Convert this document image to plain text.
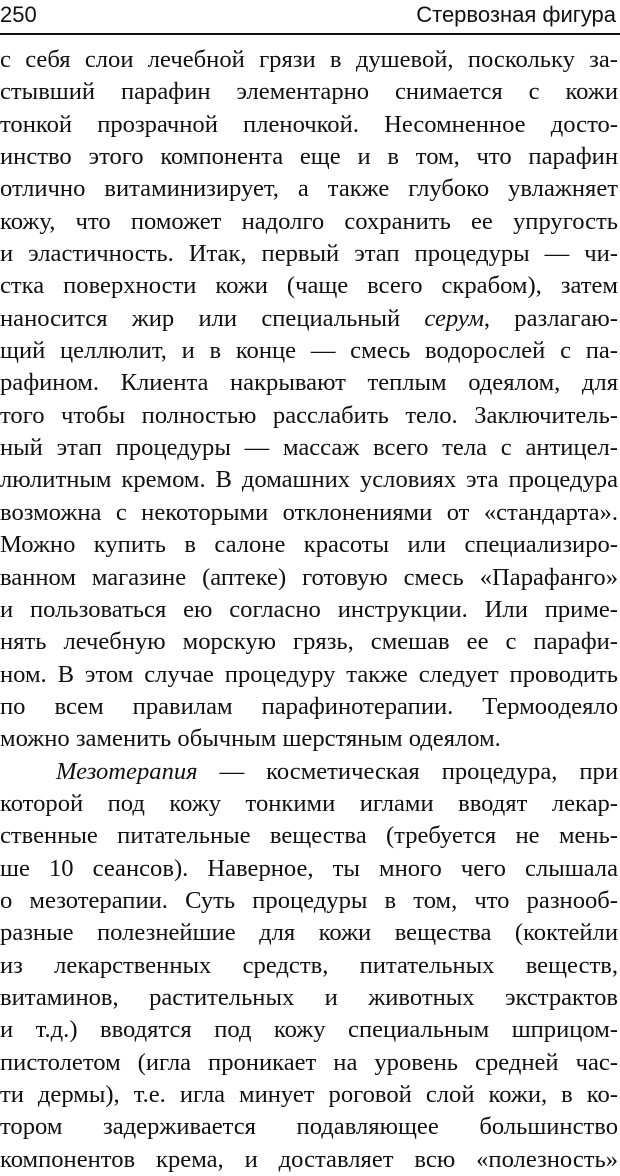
250	Стервозная фигура
с себя слои лечебной грязи в душевой, поскольку за-
стывший парафин элементарно снимается с кожи
тонкой прозрачной пленочкой. Несомненное досто-
инство этого компонента еще и в том, что парафин
отлично витаминизирует, а также глубоко увлажняет
кожу, что поможет надолго сохранить ее упругость
и эластичность. Итак, первый этап процедуры — чи-
стка поверхности кожи (чаще всего скрабом), затем
наносится жир или специальный серум, разлагаю-
щий целлюлит, и в конце — смесь водорослей с па-
рафином. Клиента накрывают теплым одеялом, для
того чтобы полностью расслабить тело. Заключитель-
ный этап процедуры — массаж всего тела с антицел-
люлитным кремом. В домашних условиях эта процедура
возможна с некоторыми отклонениями от «стандарта».
Можно купить в салоне красоты или специализиро-
ванном магазине (аптеке) готовую смесь «Парафанго»
и пользоваться ею согласно инструкции. Или приме-
нять лечебную морскую грязь, смешав ее с парафи-
ном. В этом случае процедуру также следует проводить
по всем правилам парафинотерапии. Термоодеяло
можно заменить обычным шерстяным одеялом.
Мезотерапия — косметическая процедура, при
которой под кожу тонкими иглами вводят лекар-
ственные питательные вещества (требуется не мень-
ше 10 сеансов). Наверное, ты много чего слышала
о мезотерапии. Суть процедуры в том, что разнооб-
разные полезнейшие для кожи вещества (коктейли
из лекарственных средств, питательных веществ,
витаминов, растительных и животных экстрактов
и т.д.) вводятся под кожу специальным шприцом-
пистолетом (игла проникает на уровень средней час-
ти дермы), т.е. игла минует роговой слой кожи, в ко-
тором задерживается подавляющее большинство
компонентов крема, и доставляет всю «полезность»
